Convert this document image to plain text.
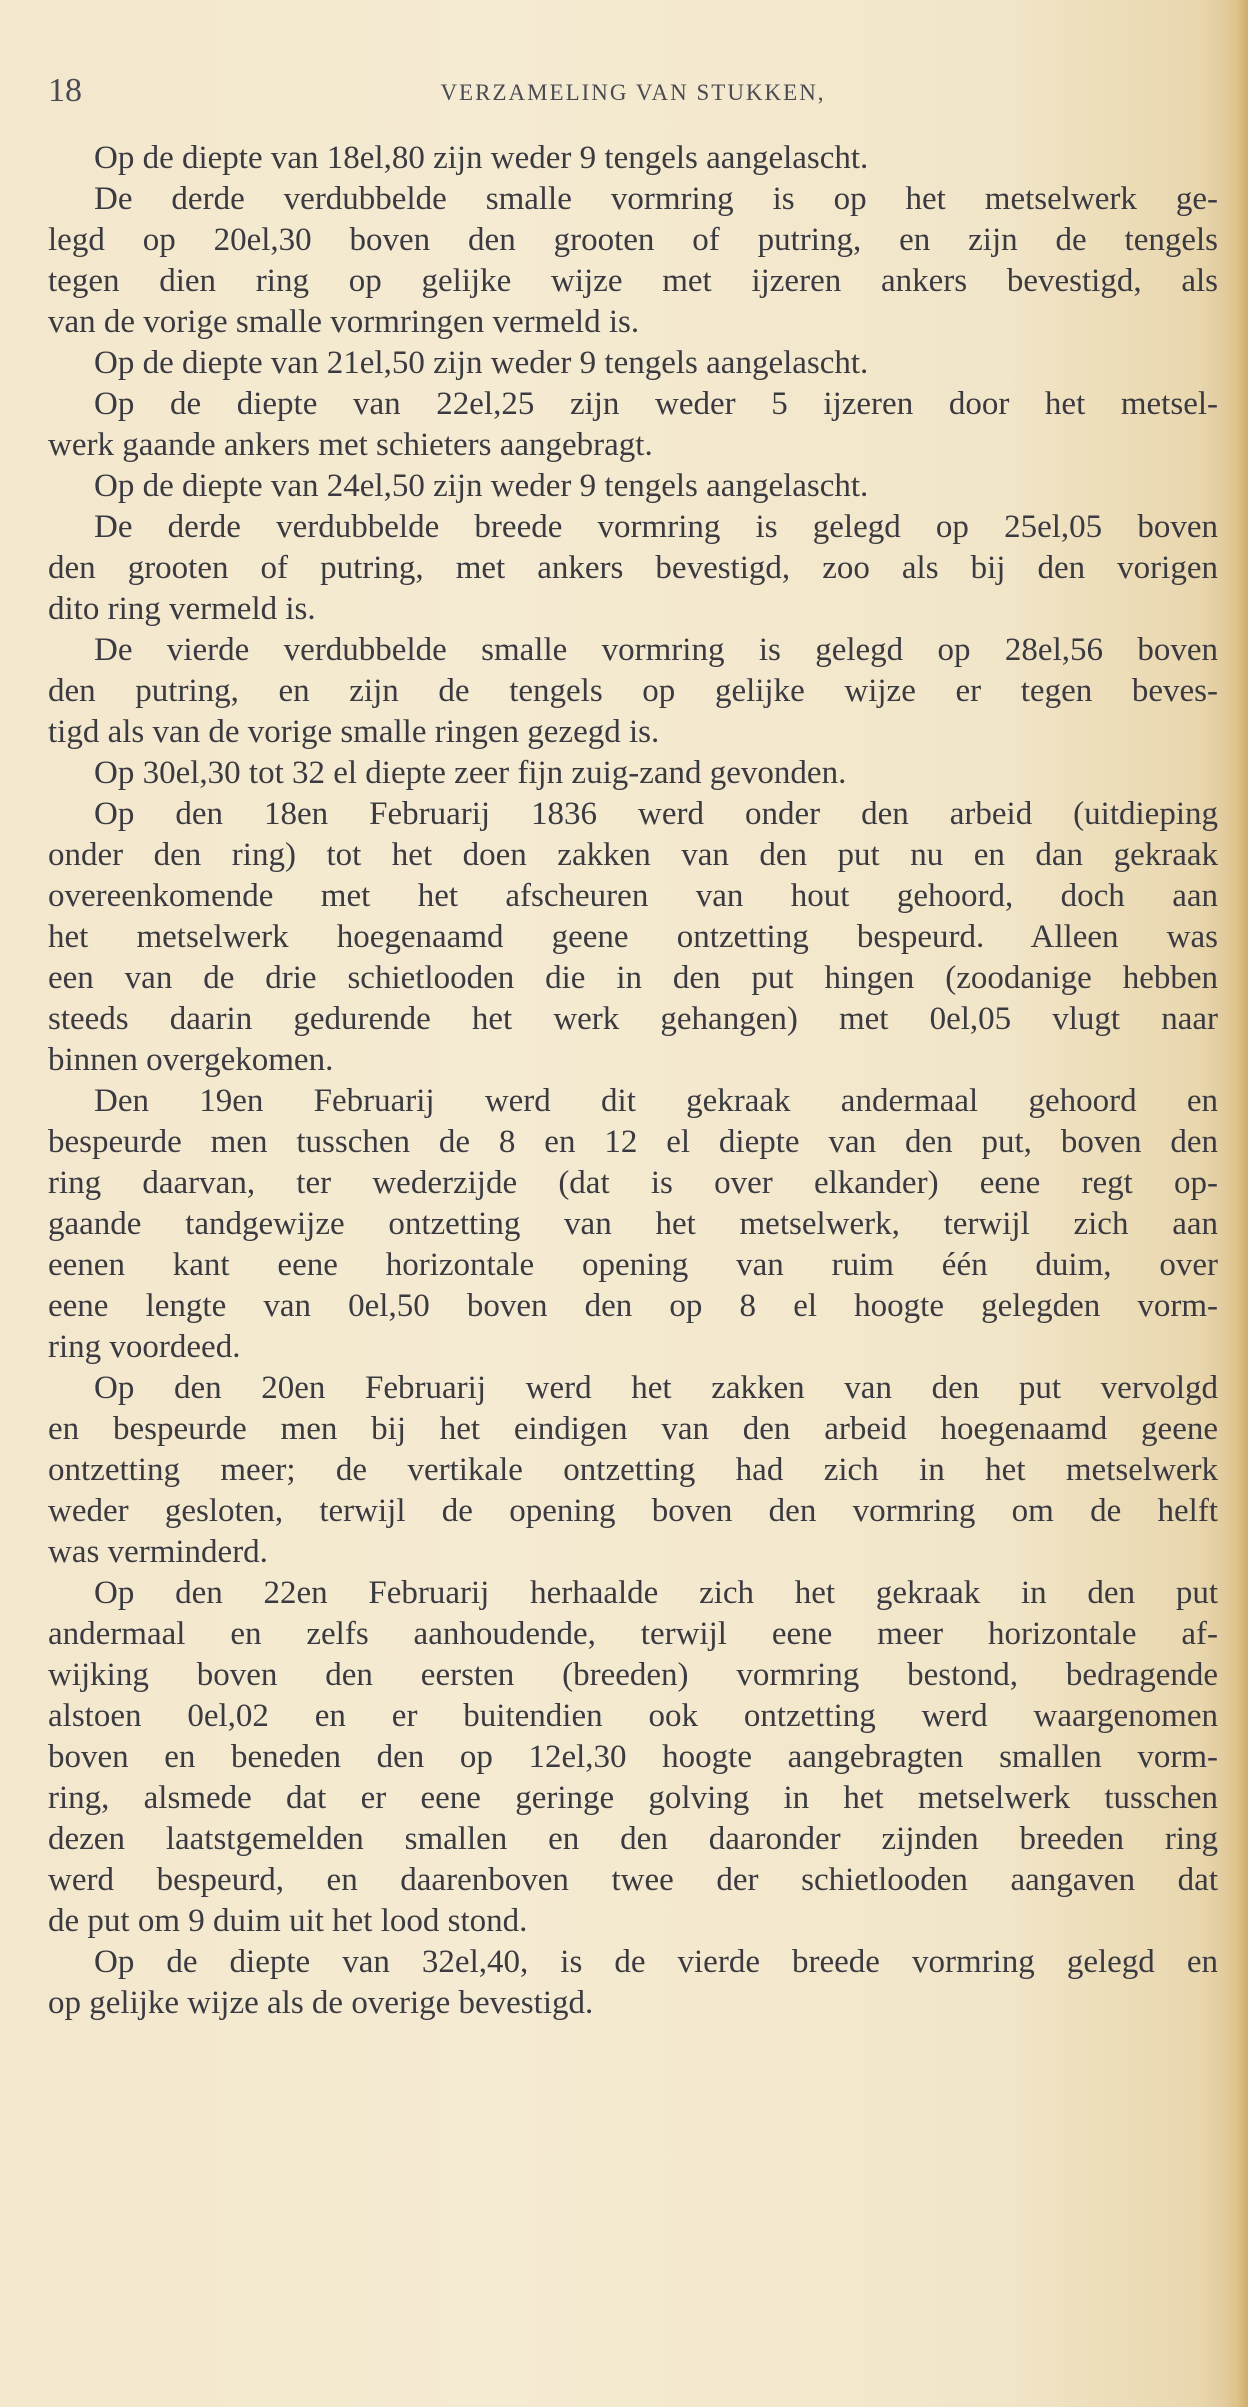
18	VERZAMELING VAN STUKKEN,
Op de diepte van 18el,80 zijn weder 9 tengels aangelascht.
De derde verdubbelde smalle vormring is op het metselwerk ge-
legd op 20el,30 boven den grooten of putring, en zijn de tengels
tegen dien ring op gelijke wijze met ijzeren ankers bevestigd, als
van de vorige smalle vormringen vermeld is.
Op de diepte van 21el,50 zijn weder 9 tengels aangelascht.
Op de diepte van 22el,25 zijn weder 5 ijzeren door het metsel-
werk gaande ankers met schieters aangebragt.
Op de diepte van 24el,50 zijn weder 9 tengels aangelascht.
De derde verdubbelde breede vormring is gelegd op 25el,05 boven
den grooten of putring, met ankers bevestigd, zoo als bij den vorigen
dito ring vermeld is.
De vierde verdubbelde smalle vormring is gelegd op 28el,56 boven
den putring, en zijn de tengels op gelijke wijze er tegen beves-
tigd als van de vorige smalle ringen gezegd is.
Op 30el,30 tot 32 el diepte zeer fijn zuig-zand gevonden.
Op den 18en Februarij 1836 werd onder den arbeid (uitdieping
onder den ring) tot het doen zakken van den put nu en dan gekraak
overeenkomende met het afscheuren van hout gehoord, doch aan
het metselwerk hoegenaamd geene ontzetting bespeurd. Alleen was
een van de drie schietlooden die in den put hingen (zoodanige hebben
steeds daarin gedurende het werk gehangen) met 0el,05 vlugt naar
binnen overgekomen.
Den 19en Februarij werd dit gekraak andermaal gehoord en
bespeurde men tusschen de 8 en 12 el diepte van den put, boven den
ring daarvan, ter wederzijde (dat is over elkander) eene regt op-
gaande tandgewijze ontzetting van het metselwerk, terwijl zich aan
eenen kant eene horizontale opening van ruim één duim, over
eene lengte van 0el,50 boven den op 8 el hoogte gelegden vorm-
ring voordeed.
Op den 20en Februarij werd het zakken van den put vervolgd
en bespeurde men bij het eindigen van den arbeid hoegenaamd geene
ontzetting meer; de vertikale ontzetting had zich in het metselwerk
weder gesloten, terwijl de opening boven den vormring om de helft
was verminderd.
Op den 22en Februarij herhaalde zich het gekraak in den put
andermaal en zelfs aanhoudende, terwijl eene meer horizontale af-
wijking boven den eersten (breeden) vormring bestond, bedragende
alstoen 0el,02 en er buitendien ook ontzetting werd waargenomen
boven en beneden den op 12el,30 hoogte aangebragten smallen vorm-
ring, alsmede dat er eene geringe golving in het metselwerk tusschen
dezen laatstgemelden smallen en den daaronder zijnden breeden ring
werd bespeurd, en daarenboven twee der schietlooden aangaven dat
de put om 9 duim uit het lood stond.
Op de diepte van 32el,40, is de vierde breede vormring gelegd en
op gelijke wijze als de overige bevestigd.
